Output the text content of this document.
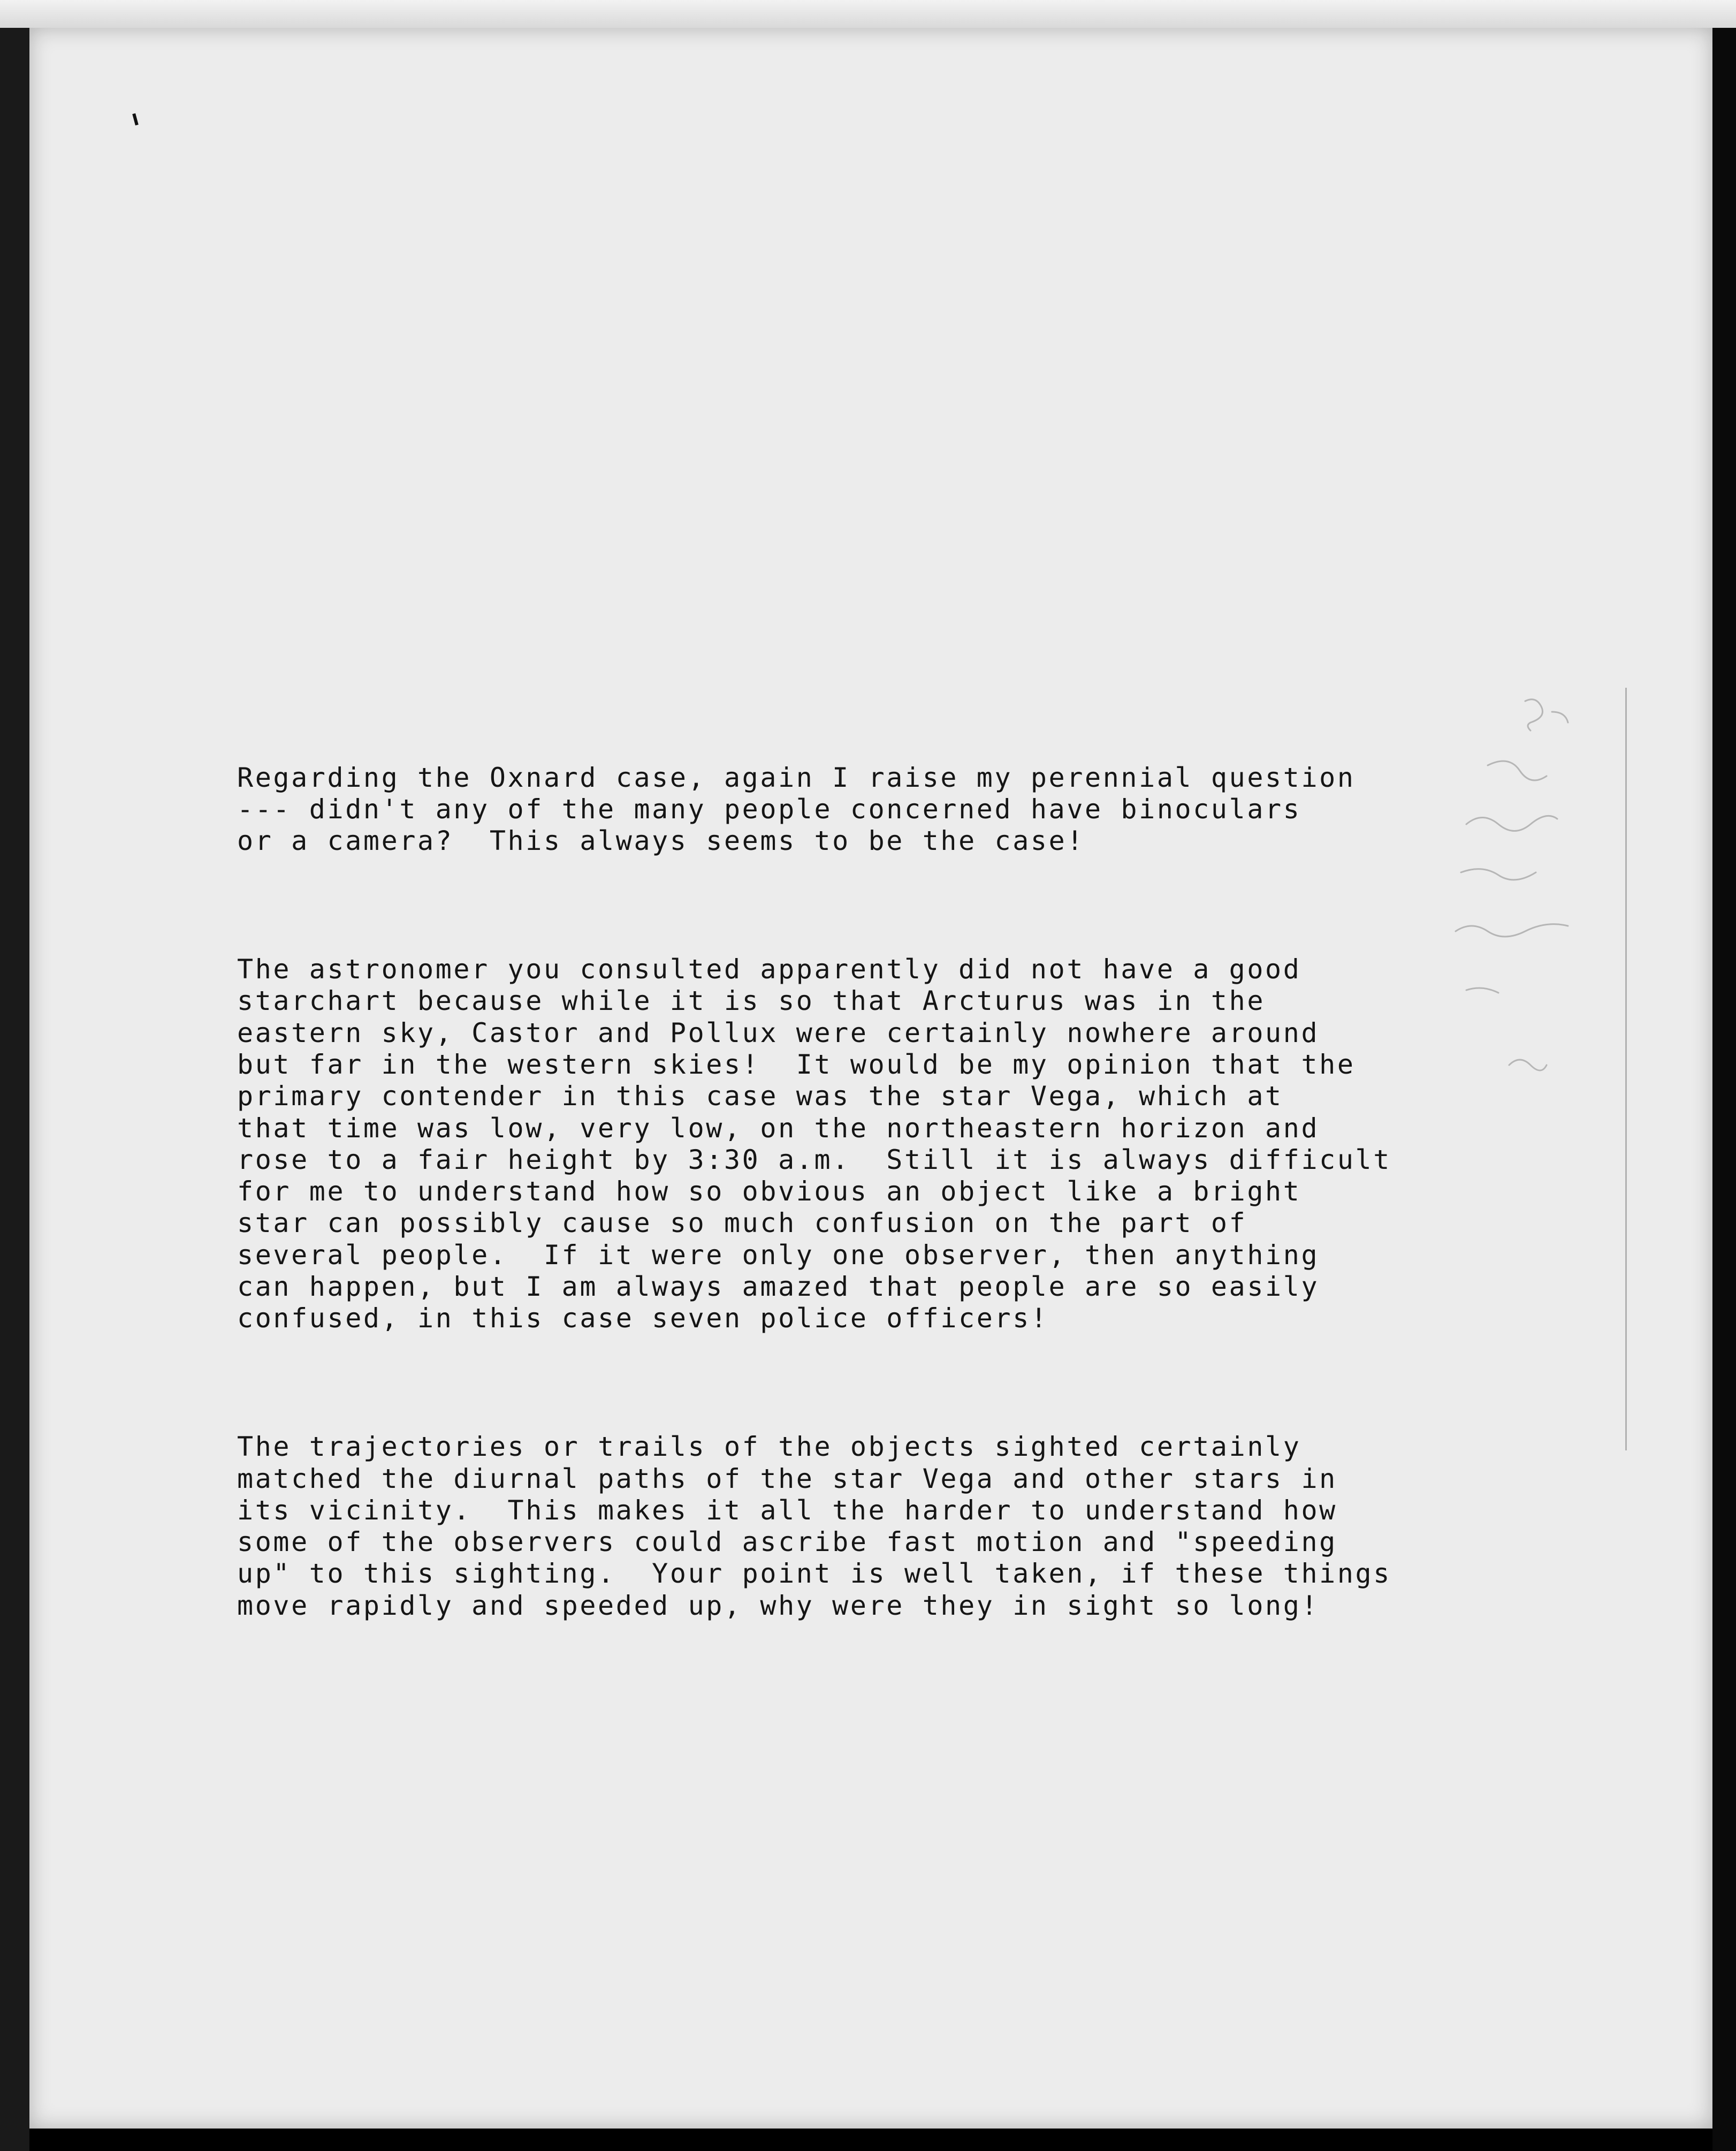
Regarding the Oxnard case, again I raise my perennial question
--- didn't any of the many people concerned have binoculars
or a camera?  This always seems to be the case!

The astronomer you consulted apparently did not have a good
starchart because while it is so that Arcturus was in the
eastern sky, Castor and Pollux were certainly nowhere around
but far in the western skies!  It would be my opinion that the
primary contender in this case was the star Vega, which at
that time was low, very low, on the northeastern horizon and
rose to a fair height by 3:30 a.m.  Still it is always difficult
for me to understand how so obvious an object like a bright
star can possibly cause so much confusion on the part of
several people.  If it were only one observer, then anything
can happen, but I am always amazed that people are so easily
confused, in this case seven police officers!

The trajectories or trails of the objects sighted certainly
matched the diurnal paths of the star Vega and other stars in
its vicinity.  This makes it all the harder to understand how
some of the observers could ascribe fast motion and "speeding
up" to this sighting.  Your point is well taken, if these things
move rapidly and speeded up, why were they in sight so long!
